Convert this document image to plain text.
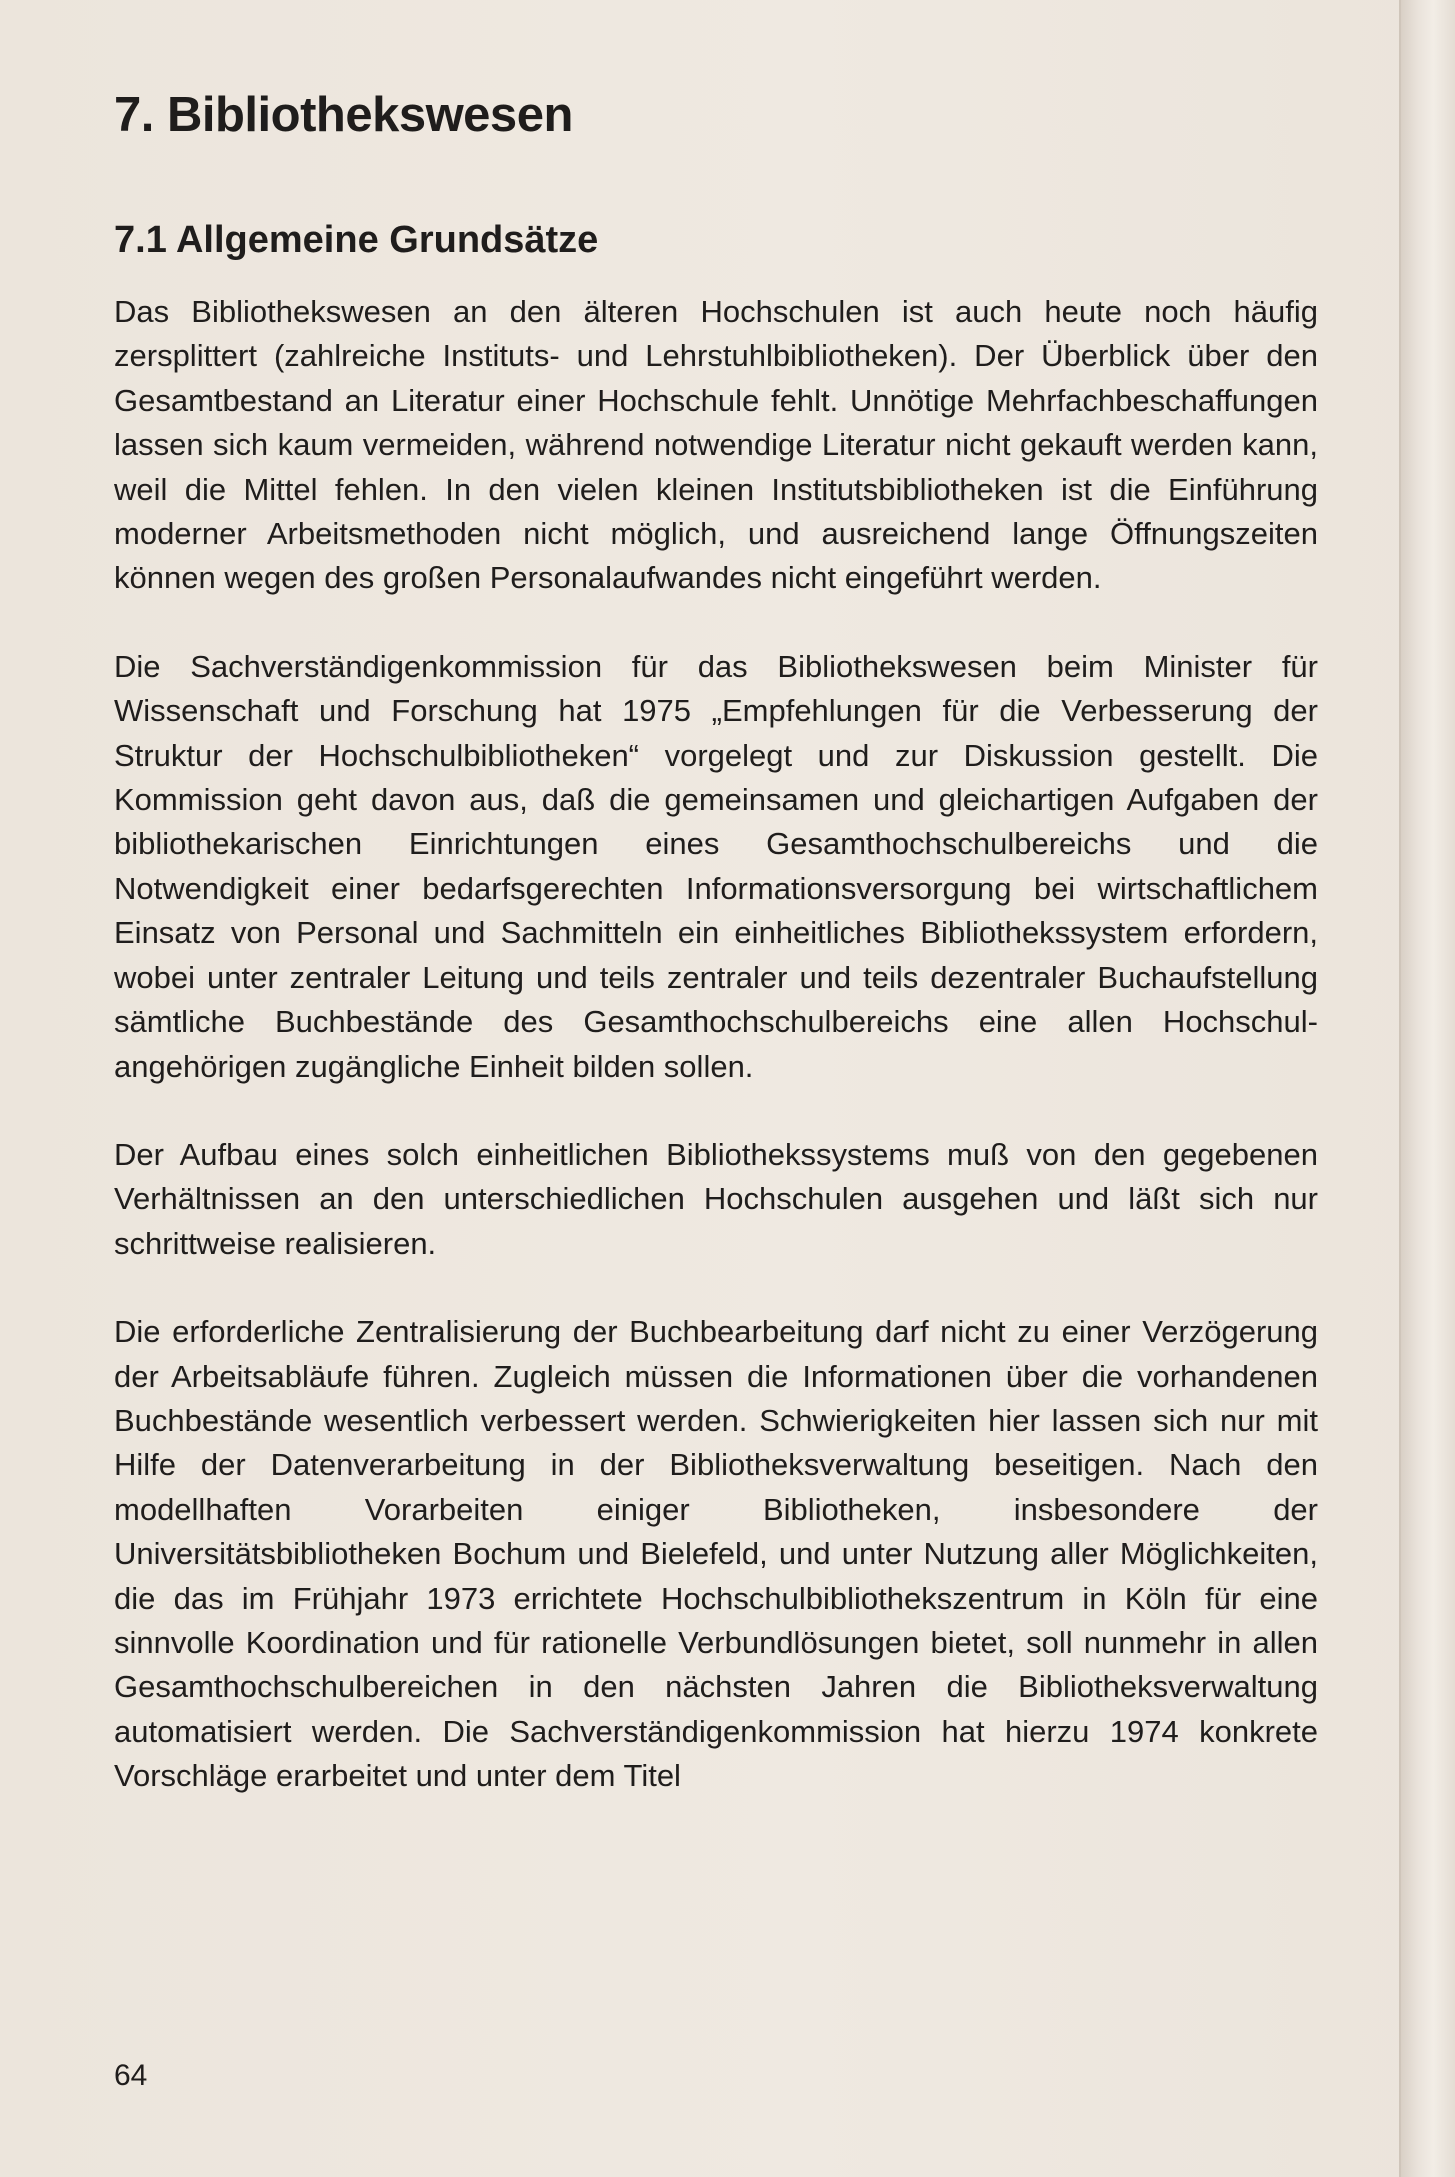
7. Bibliothekswesen
7.1 Allgemeine Grundsätze

Das Bibliothekswesen an den älteren Hochschulen ist auch heute noch häufig zersplittert (zahlreiche Instituts- und Lehrstuhlbibliotheken). Der Überblick über den Gesamtbestand an Literatur einer Hochschule fehlt. Unnötige Mehrfachbeschaffungen lassen sich kaum vermeiden, während notwendige Literatur nicht gekauft werden kann, weil die Mittel fehlen. In den vielen kleinen Institutsbibliotheken ist die Einführung moderner Arbeitsmethoden nicht möglich, und ausreichend lange Öffnungszeiten können wegen des großen Personalaufwandes nicht eingeführt werden.

Die Sachverständigenkommission für das Bibliothekswesen beim Minister für Wissenschaft und Forschung hat 1975 „Empfehlungen für die Verbesserung der Struktur der Hochschulbibliotheken“ vorgelegt und zur Diskussion gestellt. Die Kommission geht davon aus, daß die gemeinsamen und gleichartigen Aufgaben der bibliothekarischen Einrichtungen eines Gesamthochschulbereichs und die Notwendigkeit einer bedarfsgerechten Informationsversorgung bei wirtschaftlichem Einsatz von Personal und Sachmitteln ein einheitliches Bibliothekssystem erfordern, wobei unter zentraler Leitung und teils zentraler und teils dezentraler Buchaufstellung sämtliche Buchbestände des Gesamthochschulbereichs eine allen Hochschulangehörigen zugängliche Einheit bilden sollen.

Der Aufbau eines solch einheitlichen Bibliothekssystems muß von den gegebenen Verhältnissen an den unterschiedlichen Hochschulen ausgehen und läßt sich nur schrittweise realisieren.

Die erforderliche Zentralisierung der Buchbearbeitung darf nicht zu einer Verzögerung der Arbeitsabläufe führen. Zugleich müssen die Informationen über die vorhandenen Buchbestände wesentlich verbessert werden. Schwierigkeiten hier lassen sich nur mit Hilfe der Datenverarbeitung in der Bibliotheksverwaltung beseitigen. Nach den modellhaften Vorarbeiten einiger Bibliotheken, insbesondere der Universitätsbibliotheken Bochum und Bielefeld, und unter Nutzung aller Möglichkeiten, die das im Frühjahr 1973 errichtete Hochschulbibliothekszentrum in Köln für eine sinnvolle Koordination und für rationelle Verbundlösungen bietet, soll nunmehr in allen Gesamthochschulbereichen in den nächsten Jahren die Bibliotheksverwaltung automatisiert werden. Die Sachverständigenkommission hat hierzu 1974 konkrete Vorschläge erarbeitet und unter dem Titel

64
